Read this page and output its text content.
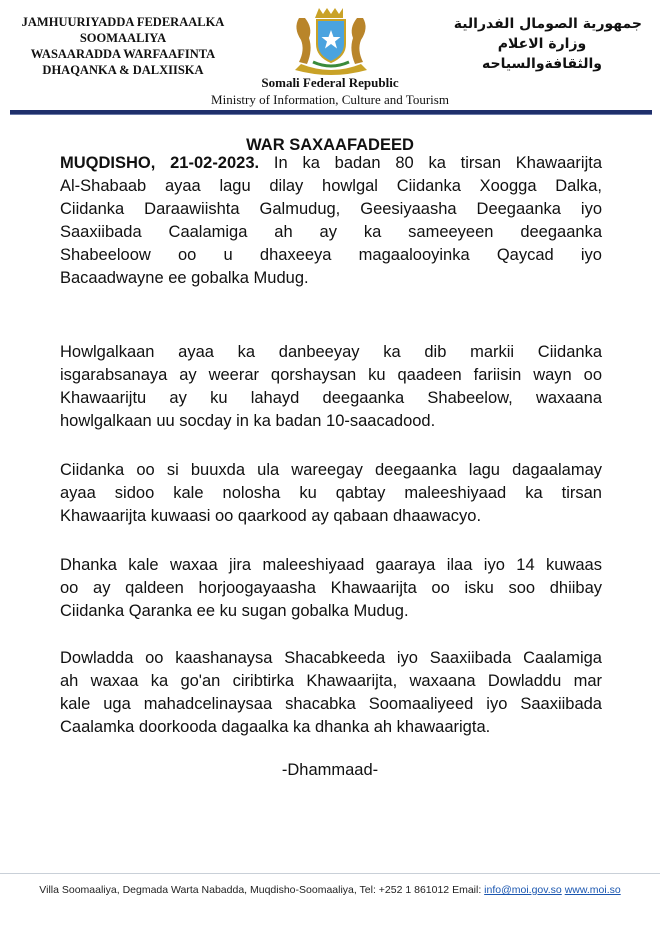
JAMHUURIYADDA FEDERAALKA
SOOMAALIYA
WASAARADDA WARFAAFINTA
DHAQANKA & DALXIISKA
جمهورية الصومال الفدرالية
وزارة الاعلام
والثقافةوالسياحه
Somali Federal Republic
Ministry of Information, Culture and Tourism
WAR SAXAAFADEED
MUQDISHO, 21-02-2023. In ka badan 80 ka tirsan Khawaarijta
Al-Shabaab ayaa lagu dilay howlgal Ciidanka Xoogga Dalka,
Ciidanka Daraawiishta Galmudug, Geesiyaasha Deegaanka iyo
Saaxiibada Caalamiga ah ay ka sameeyeen deegaanka
Shabeeloow oo u dhaxeeya magaalooyinka Qaycad iyo
Bacaadwayne ee gobalka Mudug.
Howlgalkaan ayaa ka danbeeyay ka dib markii Ciidanka
isgarabsanaya ay weerar qorshaysan ku qaadeen fariisin wayn oo
Khawaarijtu ay ku lahayd deegaanka Shabeelow, waxaana
howlgalkaan uu socday in ka badan 10-saacadood.
Ciidanka oo si buuxda ula wareegay deegaanka lagu dagaalamay
ayaa sidoo kale nolosha ku qabtay maleeshiyaad ka tirsan
Khawaarijta kuwaasi oo qaarkood ay qabaan dhaawacyo.
Dhanka kale waxaa jira maleeshiyaad gaaraya ilaa iyo 14 kuwaas
oo ay qaldeen horjoogayaasha Khawaarijta oo isku soo dhiibay
Ciidanka Qaranka ee ku sugan gobalka Mudug.
Dowladda oo kaashanaysa Shacabkeeda iyo Saaxiibada Caalamiga
ah waxaa ka go'an ciribtirka Khawaarijta, waxaana Dowladdu mar
kale uga mahadcelinaysaa shacabka Soomaaliyeed iyo Saaxiibada
Caalamka doorkooda dagaalka ka dhanka ah khawaarigta.
-Dhammaad-
Villa Soomaaliya, Degmada Warta Nabadda, Muqdisho-Soomaaliya, Tel: +252 1 861012 Email: info@moi.gov.so www.moi.so
